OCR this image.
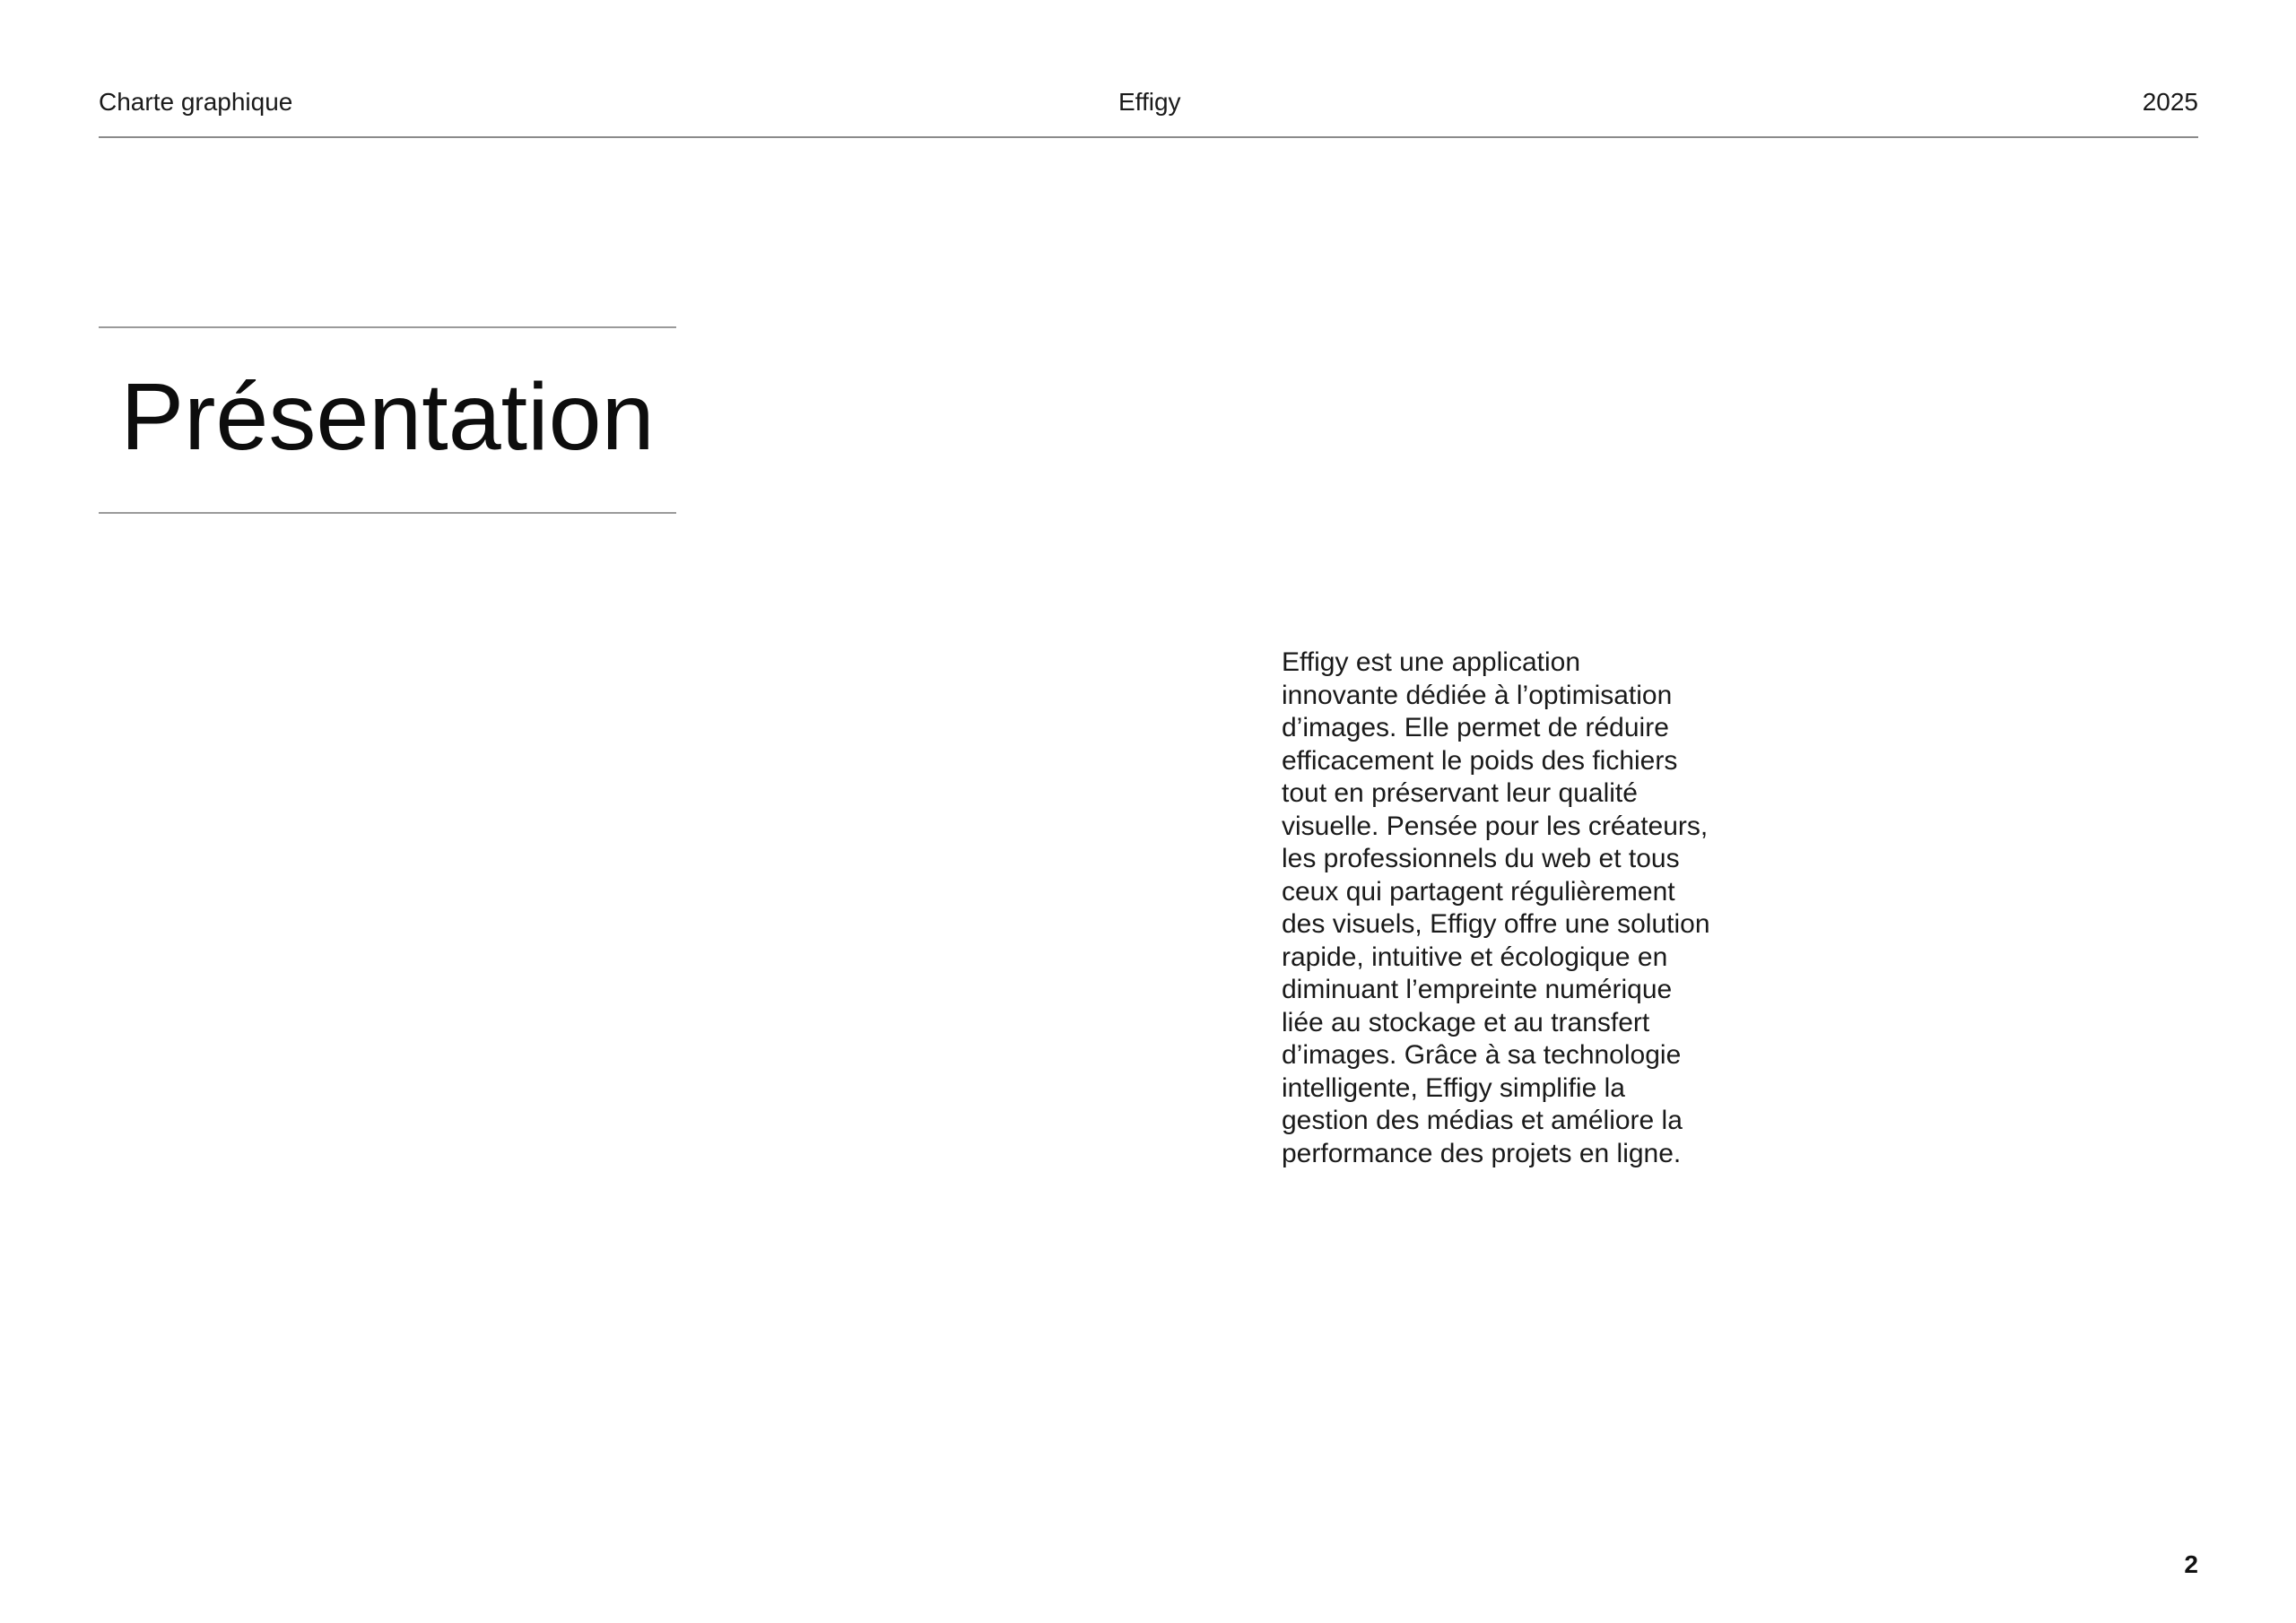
Charte graphique	Effigy	2025
Présentation

Effigy est une application
innovante dédiée à l’optimisation
d’images. Elle permet de réduire
efficacement le poids des fichiers
tout en préservant leur qualité
visuelle. Pensée pour les créateurs,
les professionnels du web et tous
ceux qui partagent régulièrement
des visuels, Effigy offre une solution
rapide, intuitive et écologique en
diminuant l’empreinte numérique
liée au stockage et au transfert
d’images. Grâce à sa technologie
intelligente, Effigy simplifie la
gestion des médias et améliore la
performance des projets en ligne.

2
